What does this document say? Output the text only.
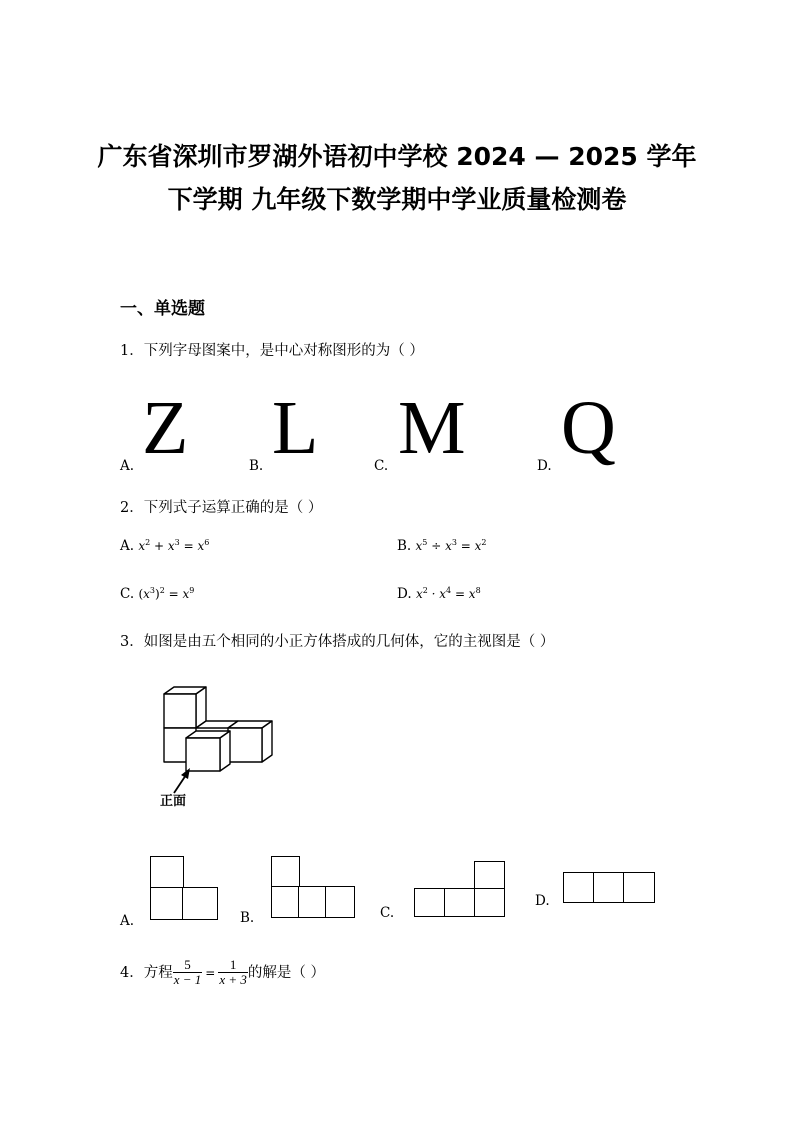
广东省深圳市罗湖外语初中学校 2024 — 2025 学年
下学期 九年级下数学期中学业质量检测卷
一、单选题
1．下列字母图案中，是中心对称图形的为（ ）
Z
A. L
B. M
C. Q
D.
2．下列式子运算正确的是（ ）
A. $x^2 + x^3 = x^6$	B. $x^5 \div x^3 = x^2$
C. $(x^3)^2 = x^9$	D. $x^2 \cdot x^4 = x^8$
3．如图是由五个相同的小正方体搭成的几何体，它的主视图是（ ）
正面
A.	B.	C.
D.
4．方程 $\frac{5}{x - 1} = \frac{1}{x + 3}$ 的解是（ ）
